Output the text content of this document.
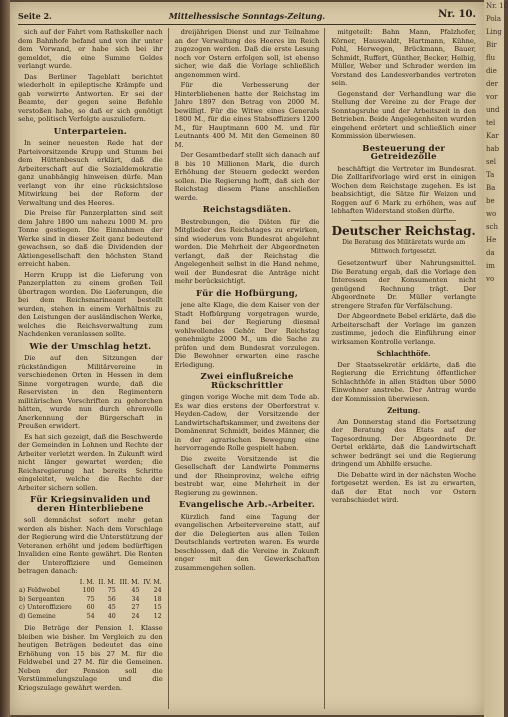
Seite 2.	Mittelhessische Sonntags-Zeitung.	Nr. 10.

sich auf der Fahrt vom Rathskeller nach dem Bahnhofe befand und von ihr unter dem Vorwand, er habe sich bei ihr gemeldet, die eine Summe Geldes verlangt wurde.

Das Berliner Tageblatt berichtet wiederholt in epileptische Krämpfe und gab verwirrte Antworten. Er sei der Beamte, der gegen seine Befehle verstoßen habe, so daß er sich genötigt sehe, politisch Verfolgte auszuliefern.

Unterparteien.

In seiner neuesten Rede hat der Parteivorsitzende Krupp und Stumm bei dem Hüttenbesuch erklärt, daß die Arbeiterschaft auf die Sozialdemokratie ganz unabhängig hinweisen dürfe. Man verlangt von ihr eine rücksichtslose Mitwirkung bei der Reform der Verwaltung und des Heeres.

Die Preise für Panzerplatten sind seit dem Jahre 1890 um nahezu 1000 M. pro Tonne gestiegen. Die Einnahmen der Werke sind in dieser Zeit ganz bedeutend gewachsen, so daß die Dividenden der Aktiengesellschaft den höchsten Stand erreicht haben.

Herrn Krupp ist die Lieferung von Panzerplatten zu einem großen Teil übertragen worden. Die Lieferungen, die bei dem Reichsmarineamt bestellt wurden, stehen in einem Verhältnis zu den Leistungen der ausländischen Werke, welches die Reichsverwaltung zum Nachdenken veranlassen sollte.

Wie der Umschlag hetzt.

Die auf den Sitzungen der rückständigen Militärvereine in verschiedenen Orten in Hessen in dem Sinne vorgetragen wurde, daß die Reservisten in den Regimentern militärischen Vorschriften zu gehorchen hätten, wurde nun durch ehrenvolle Anerkennung der Bürgerschaft in Preußen erwidert.

Es hat sich gezeigt, daß die Beschwerde der Gemeinden in Lohnen und Rechte der Arbeiter verletzt werden. In Zukunft wird nicht länger gewartet werden; die Reichsregierung hat bereits Schritte eingeleitet, welche die Rechte der Arbeiter sichern sollen.

Für Kriegsinvaliden und deren Hinterbliebene

soll demnächst sofort mehr getan werden als bisher. Nach dem Vorschlage der Regierung wird die Unterstützung der Veteranen erhöht und jedem bedürftigen Invaliden eine Rente gewährt. Die Renten der Unteroffiziere und Gemeinen betragen danach:

	I. M.	II. M.	III. M.	IV. M.
a) Feldwebel	100	75	45	24
b) Sergeanten	75	56	34	18
c) Unteroffiziere	60	45	27	15
d) Gemeine	54	40	24	12

Die Beträge der Pension I. Klasse bleiben wie bisher. Im Vergleich zu den heutigen Beträgen bedeutet das eine Erhöhung von 15 bis 27 M. für die Feldwebel und 27 M. für die Gemeinen. Neben der Pension soll die Verstümmelungszulage und die Kriegszulage gewährt werden.

dreijährigen Dienst und zur Teilnahme an der Verwaltung des Heeres im Reich zugezogen werden. Daß die erste Lesung noch vor Ostern erfolgen soll, ist ebenso sicher, wie daß die Vorlage schließlich angenommen wird.

Für die Verbesserung der Hinterbliebenen hatte der Reichstag im Jahre 1897 den Betrag von 2000 M. bewilligt. Für die Witwe eines Generals 1800 M., für die eines Stabsoffiziers 1200 M., für Hauptmann 600 M. und für Leutnants 400 M. Mit den Gemeinen 80 M.

Der Gesamtbedarf stellt sich danach auf 8 bis 10 Millionen Mark, die durch Erhöhung der Steuern gedeckt werden sollen. Die Regierung hofft, daß sich der Reichstag diesem Plane anschließen werde.

Reichstagsdiäten.

Bestrebungen, die Diäten für die Mitglieder des Reichstages zu erwirken, sind wiederum vom Bundesrat abgelehnt worden. Die Mehrheit der Abgeordneten verlangt, daß der Reichstag die Angelegenheit selbst in die Hand nehme, weil der Bundesrat die Anträge nicht mehr berücksichtigt.

Für die Hofbürgung,

jene alte Klage, die dem Kaiser von der Stadt Hofbürgung vorgetragen wurde, fand bei der Regierung diesmal wohlwollendes Gehör. Der Reichstag genehmigte 2000 M., um die Sache zu prüfen und dem Bundesrat vorzulegen. Die Bewohner erwarten eine rasche Erledigung.

Zwei einflußreiche Rückschrittler

gingen vorige Woche mit dem Tode ab. Es war dies erstens der Oberforstrat v. Heyden-Cadow, der Vorsitzende der Landwirtschaftskammer, und zweitens der Domänenrat Schmidt, beides Männer, die in der agrarischen Bewegung eine hervorragende Rolle gespielt haben.

Die zweite Vorsitzende ist die Gesellschaft der Landwirte Pommerns und der Rheinprovinz, welche eifrig bestrebt war, eine Mehrheit in der Regierung zu gewinnen.

Evangelische Arb.-Arbeiter.

Kürzlich fand eine Tagung der evangelischen Arbeitervereine statt, auf der die Delegierten aus allen Teilen Deutschlands vertreten waren. Es wurde beschlossen, daß die Vereine in Zukunft enger mit den Gewerkschaften zusammengehen sollen.

mitgeteilt: Bahn Mann, Pfalzhofer, Körner, Hauswaldt, Hartmann, Kühne, Pohl, Herwegen, Brückmann, Bauer, Schmidt, Ruffert, Günther, Becker, Helbig, Müller, Weber und Schrader werden im Vorstand des Landesverbandes vertreten sein.

Gegenstand der Verhandlung war die Stellung der Vereine zu der Frage der Sonntagsruhe und der Arbeitszeit in den Betrieben. Beide Angelegenheiten wurden eingehend erörtert und schließlich einer Kommission überwiesen.

Besteuerung der Getreidezölle

beschäftigt die Vertreter im Bundesrat. Die Zolltarifvorlage wird erst in einigen Wochen dem Reichstage zugehen. Es ist beabsichtigt, die Sätze für Weizen und Roggen auf 6 Mark zu erhöhen, was auf lebhaften Widerstand stoßen dürfte.

Deutscher Reichstag.
Die Beratung des Militäretats wurde am Mittwoch fortgesetzt.

Gesetzentwurf über Nahrungsmittel. Die Beratung ergab, daß die Vorlage den Interessen der Konsumenten nicht genügend Rechnung trägt. Der Abgeordnete Dr. Müller verlangte strengere Strafen für Verfälschung.

Der Abgeordnete Bebel erklärte, daß die Arbeiterschaft der Vorlage im ganzen zustimme, jedoch die Einführung einer wirksamen Kontrolle verlange.

Schlachthöfe.

Der Staatssekretär erklärte, daß die Regierung die Errichtung öffentlicher Schlachthöfe in allen Städten über 5000 Einwohner anstrebe. Der Antrag wurde der Kommission überwiesen.

Zeitung.

Am Donnerstag stand die Fortsetzung der Beratung des Etats auf der Tagesordnung. Der Abgeordnete Dr. Oertel erklärte, daß die Landwirtschaft schwer bedrängt sei und die Regierung dringend um Abhilfe ersuche.

Die Debatte wird in der nächsten Woche fortgesetzt werden. Es ist zu erwarten, daß der Etat noch vor Ostern verabschiedet wird.

Nr. 10
Pola
Ling
Bir
flu
die
der
vor
und
tel
Kar
hab
sel
Ta
Ba
be
wo
sch
He
da
im
vo
